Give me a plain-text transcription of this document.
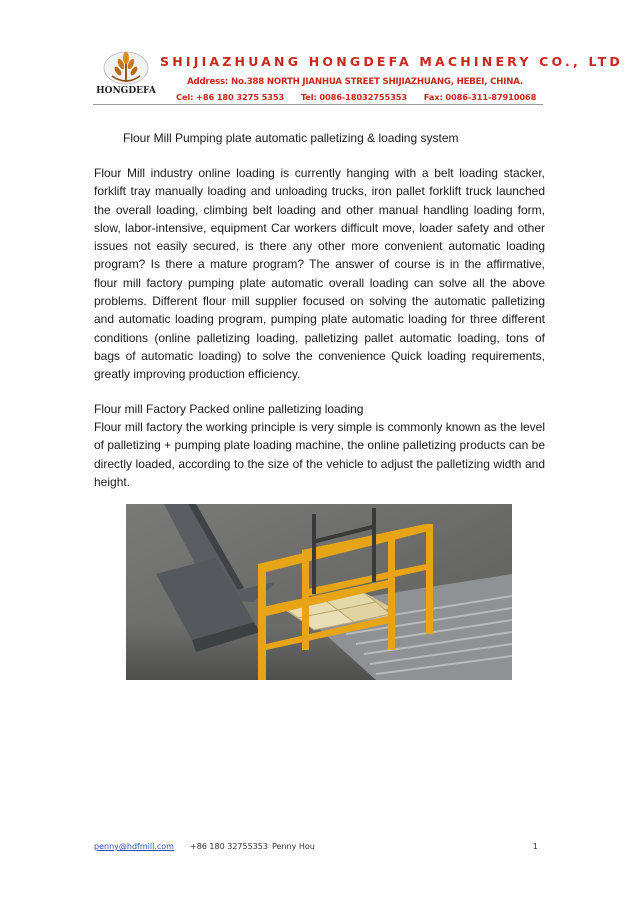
HONGDEFA
SHIJIAZHUANG HONGDEFA MACHINERY CO., LTD
Address: No.388 NORTH JIANHUA STREET SHIJIAZHUANG, HEBEI, CHINA.
Cel: +86 180 3275 5353 Tel: 0086-18032755353 Fax: 0086-311-87910068
Flour Mill Pumping plate automatic palletizing & loading system

Flour Mill industry online loading is currently hanging with a belt loading stacker, forklift tray manually loading and unloading trucks, iron pallet forklift truck launched the overall loading, climbing belt loading and other manual handling loading form, slow, labor-intensive, equipment Car workers difficult move, loader safety and other issues not easily secured, is there any other more convenient automatic loading program? Is there a mature program? The answer of course is in the affirmative, flour mill factory pumping plate automatic overall loading can solve all the above problems. Different flour mill supplier focused on solving the automatic palletizing and automatic loading program, pumping plate automatic loading for three different conditions (online palletizing loading, palletizing pallet automatic loading, tons of bags of automatic loading) to solve the convenience Quick loading requirements, greatly improving production efficiency.

Flour mill Factory Packed online palletizing loading

Flour mill factory the working principle is very simple is commonly known as the level of palletizing + pumping plate loading machine, the online palletizing products can be directly loaded, according to the size of the vehicle to adjust the palletizing width and height.

penny@hdfmill.com +86 180 32755353 Penny Hou	1
